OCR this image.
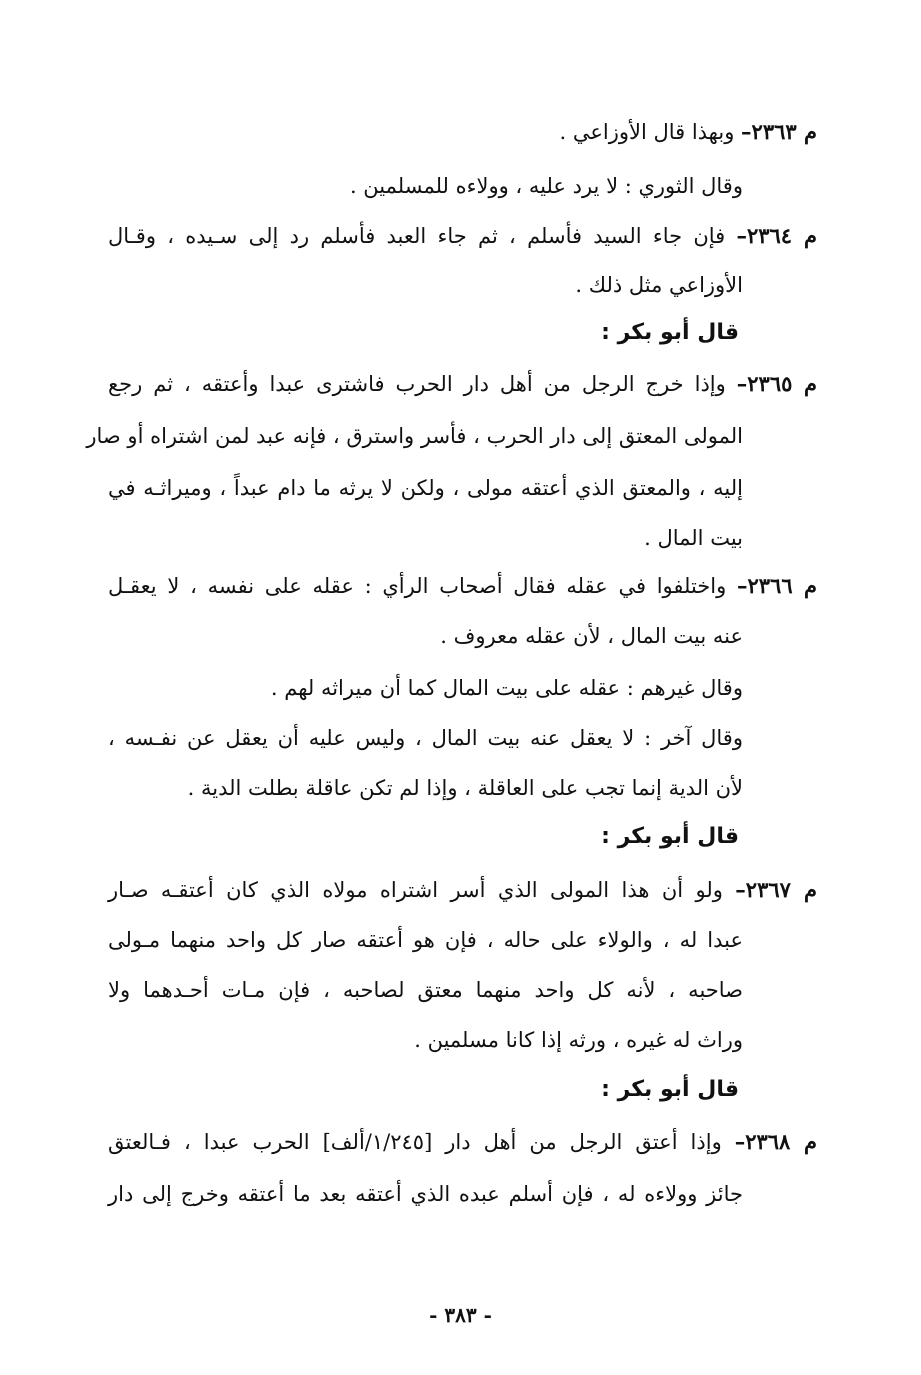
م ٢٣٦٣– وبهذا قال الأوزاعي .
وقال الثوري : لا يرد عليه ، وولاءه للمسلمين .
م ٢٣٦٤– فإن جاء السيد فأسلم ، ثم جاء العبد فأسلم رد إلى سـيده ، وقـال
الأوزاعي مثل ذلك .
قال أبو بكر :
م ٢٣٦٥– وإذا خرج الرجل من أهل دار الحرب فاشترى عبدا وأعتقه ، ثم رجع
المولى المعتق إلى دار الحرب ، فأسر واسترق ، فإنه عبد لمن اشتراه أو صار
إليه ، والمعتق الذي أعتقه مولى ، ولكن لا يرثه ما دام عبداً ، وميراثـه في
بيت المال .
م ٢٣٦٦– واختلفوا في عقله فقال أصحاب الرأي : عقله على نفسه ، لا يعقـل
عنه بيت المال ، لأن عقله معروف .
وقال غيرهم : عقله على بيت المال كما أن ميراثه لهم .
وقال آخر : لا يعقل عنه بيت المال ، وليس عليه أن يعقل عن نفـسه ،
لأن الدية إنما تجب على العاقلة ، وإذا لم تكن عاقلة بطلت الدية .
قال أبو بكر :
م ٢٣٦٧– ولو أن هذا المولى الذي أسر اشتراه مولاه الذي كان أعتقـه صـار
عبدا له ، والولاء على حاله ، فإن هو أعتقه صار كل واحد منهما مـولى
صاحبه ، لأنه كل واحد منهما معتق لصاحبه ، فإن مـات أحـدهما ولا
وراث له غيره ، ورثه إذا كانا مسلمين .
قال أبو بكر :
م ٢٣٦٨– وإذا أعتق الرجل من أهل دار [١/٢٤٥/ألف] الحرب عبدا ، فـالعتق
جائز وولاءه له ، فإن أسلم عبده الذي أعتقه بعد ما أعتقه وخرج إلى دار
- ٣٨٣ -
